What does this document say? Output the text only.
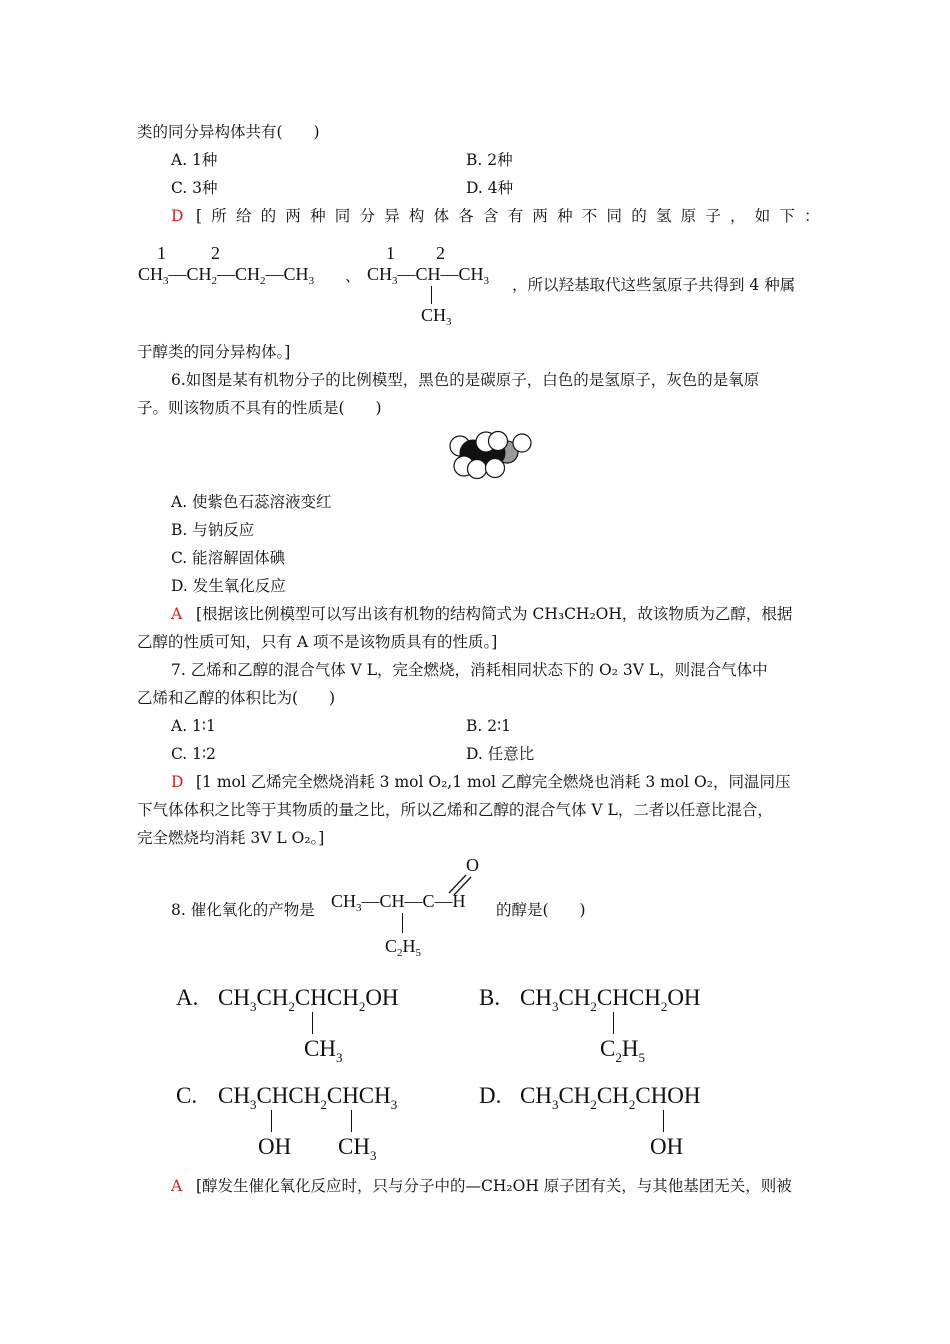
类的同分异构体共有(　　)
A. 1种	B. 2种
C. 3种	D. 4种
D [ 所 给 的 两 种 同 分 异 构 体 各 含 有 两 种 不 同 的 氢 原 子 ， 如 下 ：
1	2
$CH_3—CH_2—CH_2—CH_3$ 、
1 2
$CH_3—CH—CH_3$
$CH_3$
，所以羟基取代这些氢原子共得到 4 种属
于醇类的同分异构体。]
6.如图是某有机物分子的比例模型，黑色的是碳原子，白色的是氢原子，灰色的是氧原
子。则该物质不具有的性质是(　　)
A. 使紫色石蕊溶液变红
B. 与钠反应
C. 能溶解固体碘
D. 发生氧化反应
A [根据该比例模型可以写出该有机物的结构简式为 CH₃CH₂OH，故该物质为乙醇，根据
乙醇的性质可知，只有 A 项不是该物质具有的性质。]
7. 乙烯和乙醇的混合气体 V L，完全燃烧，消耗相同状态下的 O₂ 3V L，则混合气体中
乙烯和乙醇的体积比为(　　)
A. 1∶1	B. 2∶1
C. 1∶2	D. 任意比
D [1 mol 乙烯完全燃烧消耗 3 mol O₂,1 mol 乙醇完全燃烧也消耗 3 mol O₂，同温同压
下气体体积之比等于其物质的量之比，所以乙烯和乙醇的混合气体 V L，二者以任意比混合，
完全燃烧均消耗 3V L O₂。]
8. 催化氧化的产物是
O
$CH_3—CH—C—H$
$C_2H_5$
的醇是(　　)
A. $CH_3CH_2CHCH_2OH$
$CH_3$
B. $CH_3CH_2CHCH_2OH$
$C_2H_5$
C. $CH_3CHCH_2CHCH_3$
OH $CH_3$
D. $CH_3CH_2CH_2CHOH$
OH
A [醇发生催化氧化反应时，只与分子中的—CH₂OH 原子团有关，与其他基团无关，则被
